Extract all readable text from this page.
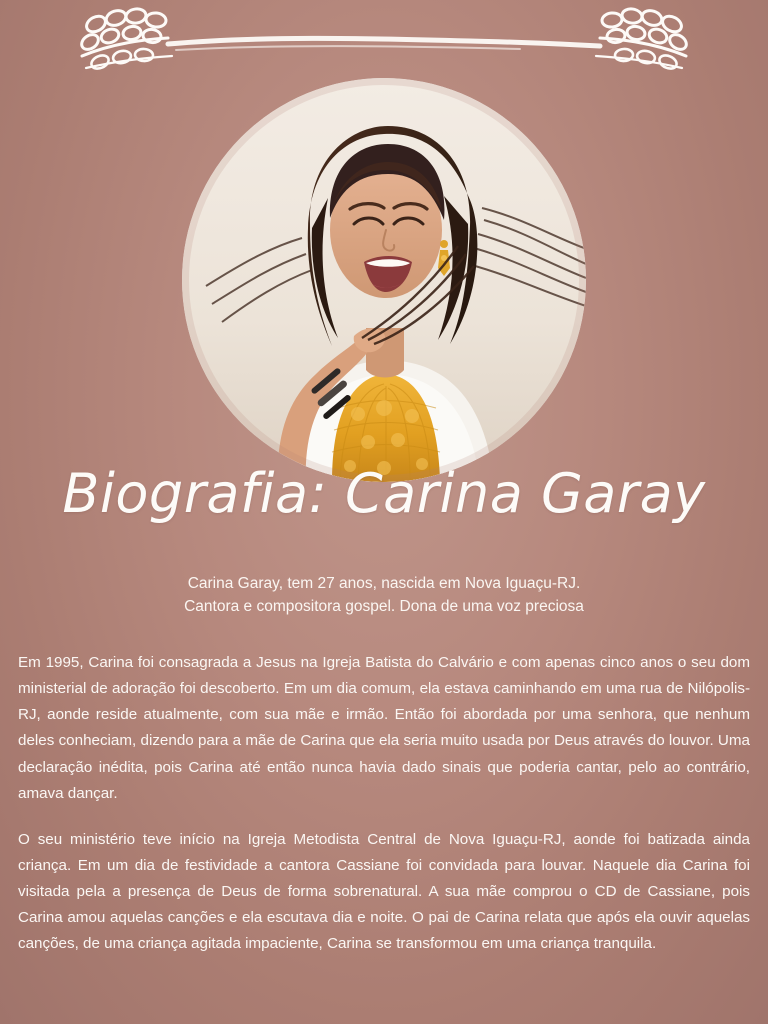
Biografia: Carina Garay
Carina Garay, tem 27 anos, nascida em Nova Iguaçu-RJ.
Cantora e compositora gospel. Dona de uma voz preciosa

Em 1995, Carina foi consagrada a Jesus na Igreja Batista do Calvário e com apenas cinco anos o seu dom ministerial de adoração foi descoberto. Em um dia comum, ela estava caminhando em uma rua de Nilópolis-RJ, aonde reside atualmente, com sua mãe e irmão. Então foi abordada por uma senhora, que nenhum deles conheciam, dizendo para a mãe de Carina que ela seria muito usada por Deus através do louvor. Uma declaração inédita, pois Carina até então nunca havia dado sinais que poderia cantar, pelo ao contrário, amava dançar.

O seu ministério teve início na Igreja Metodista Central de Nova Iguaçu-RJ, aonde foi batizada ainda criança. Em um dia de festividade a cantora Cassiane foi convidada para louvar. Naquele dia Carina foi visitada pela a presença de Deus de forma sobrenatural. A sua mãe comprou o CD de Cassiane, pois Carina amou aquelas canções e ela escutava dia e noite. O pai de Carina relata que após ela ouvir aquelas canções, de uma criança agitada impaciente, Carina se transformou em uma criança tranquila.
